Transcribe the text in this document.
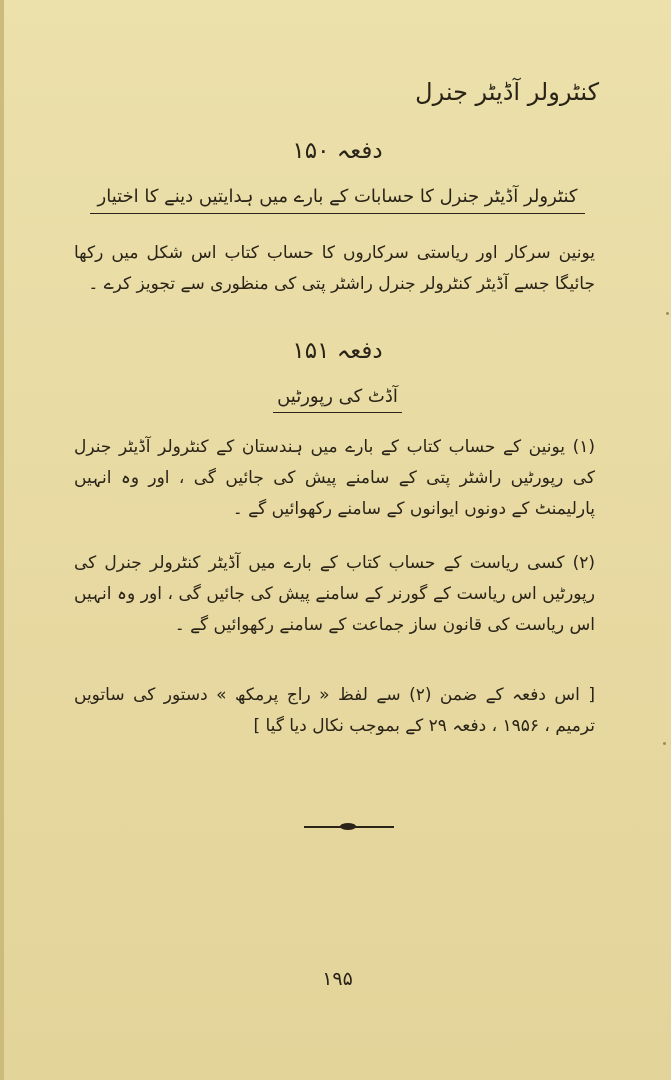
کنٹرولر آڈیٹر جنرل
دفعہ ۱۵۰
کنٹرولر آڈیٹر جنرل کا حسابات کے بارے میں ہدایتیں دینے کا اختیار
یونین سرکار اور ریاستی سرکاروں کا حساب کتاب اس شکل میں رکھا جائیگا جسے آڈیٹر کنٹرولر جنرل راشٹر پتی کی منظوری سے تجویز کرے ۔
دفعہ ۱۵۱
آڈٹ کی رپورٹیں
(۱) یونین کے حساب کتاب کے بارے میں ہندستان کے کنٹرولر آڈیٹر جنرل کی رپورٹیں راشٹر پتی کے سامنے پیش کی جائیں گی ، اور وہ انہیں پارلیمنٹ کے دونوں ایوانوں کے سامنے رکھوائیں گے ۔
(۲) کسی ریاست کے حساب کتاب کے بارے میں آڈیٹر کنٹرولر جنرل کی رپورٹیں اس ریاست کے گورنر کے سامنے پیش کی جائیں گی ، اور وہ انہیں اس ریاست کی قانون ساز جماعت کے سامنے رکھوائیں گے ۔
[ اس دفعہ کے ضمن (۲) سے لفظ « راج پرمکھ » دستور کی ساتویں ترمیم ، ۱۹۵۶ ، دفعہ ۲۹ کے بموجب نکال دیا گیا ]
۱۹۵
